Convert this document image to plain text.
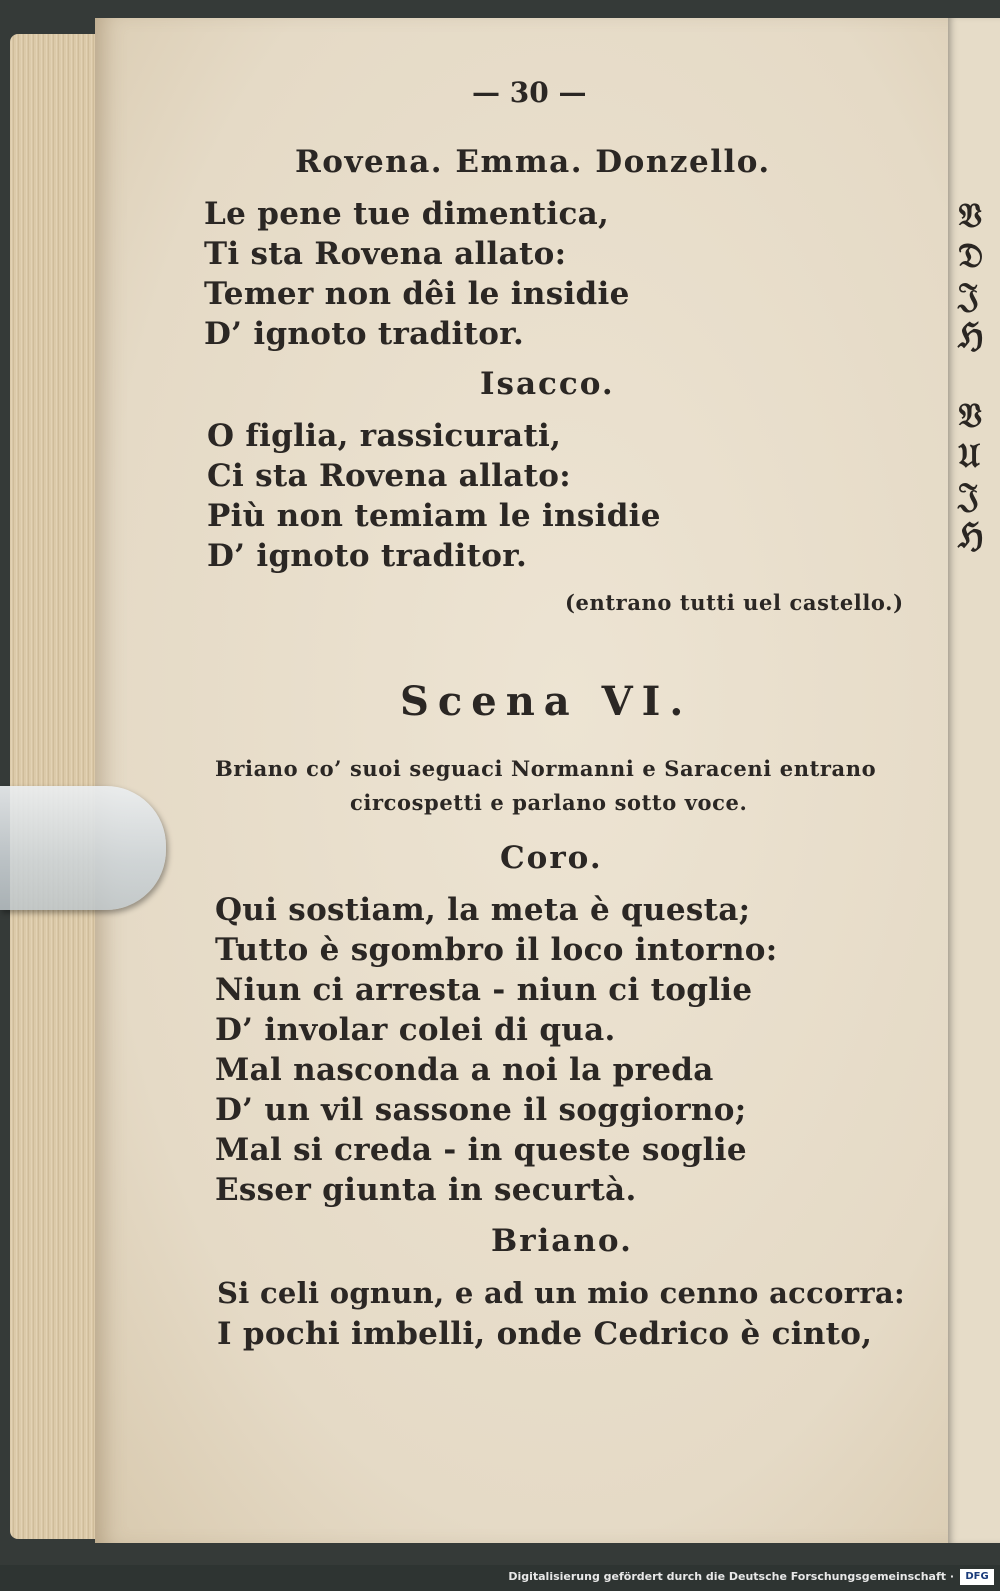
— 30 —
Rovena. Emma. Donzello.
Le pene tue dimentica,
Ti sta Rovena allato:
Temer non dêi le insidie
D’ ignoto traditor.
Isacco.
O figlia, rassicurati,
Ci sta Rovena allato:
Più non temiam le insidie
D’ ignoto traditor.
(entrano tutti uel castello.)
Scena VI.
Briano co’ suoi seguaci Normanni e Saraceni entrano
circospetti e parlano sotto voce.
Coro.
Qui sostiam, la meta è questa;
Tutto è sgombro il loco intorno:
Niun ci arresta - niun ci toglie
D’ involar colei di qua.
Mal nasconda a noi la preda
D’ un vil sassone il soggiorno;
Mal si creda - in queste soglie
Esser giunta in securtà.
Briano.
Si celi ognun, e ad un mio cenno accorra:
I pochi imbelli, onde Cedrico è cinto,
𝔙
𝔇
𝔍
ℌ
𝔙
𝔘
𝔍
ℌ
Digitalisierung gefördert durch die Deutsche Forschungsgemeinschaft ·	DFG
